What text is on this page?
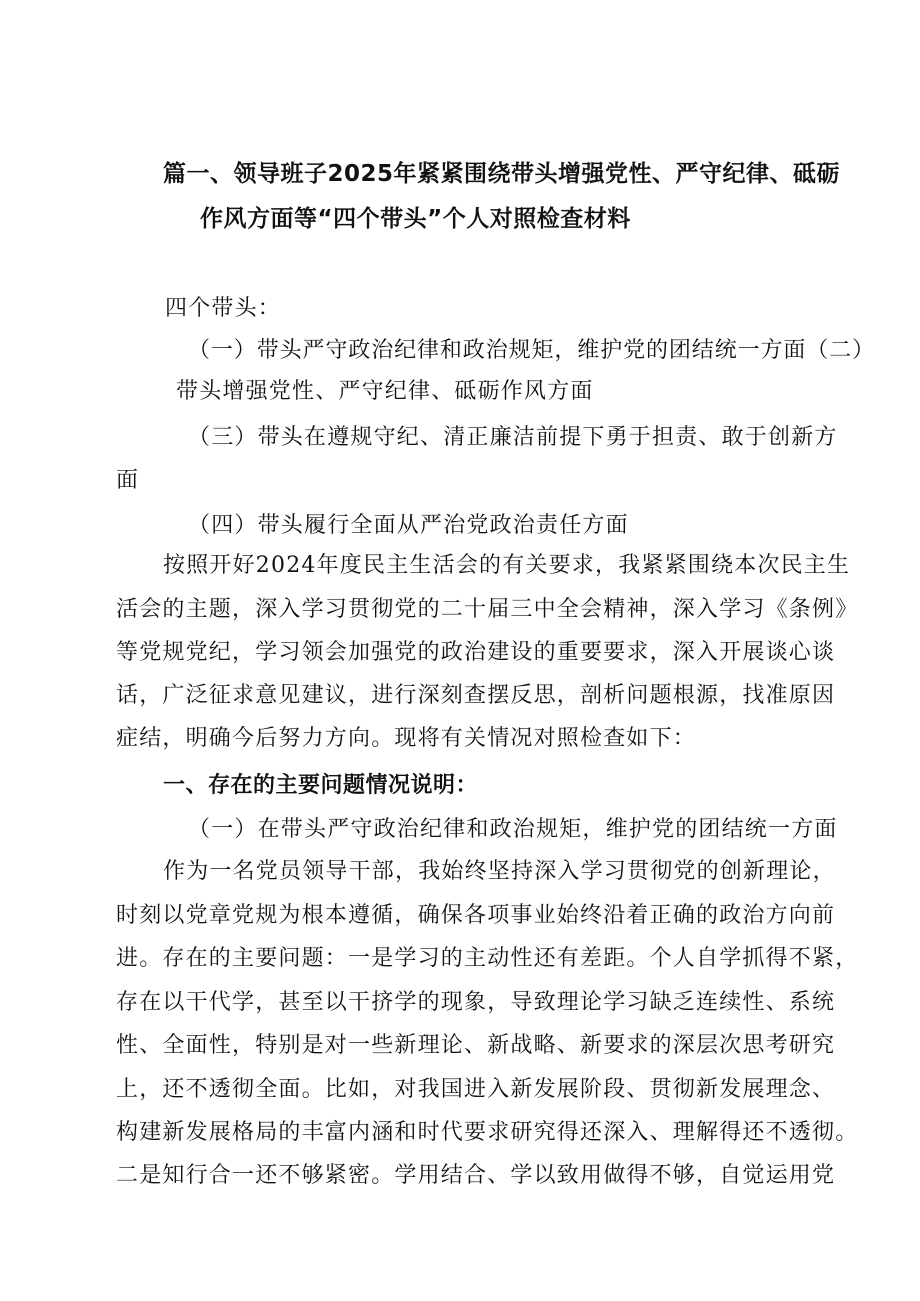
篇一、领导班子2025年紧紧围绕带头增强党性、严守纪律、砥砺
作风方面等“四个带头”个人对照检查材料
四个带头：
（一）带头严守政治纪律和政治规矩，维护党的团结统一方面（二）
带头增强党性、严守纪律、砥砺作风方面
（三）带头在遵规守纪、清正廉洁前提下勇于担责、敢于创新方
面
（四）带头履行全面从严治党政治责任方面
按照开好2024年度民主生活会的有关要求，我紧紧围绕本次民主生
活会的主题，深入学习贯彻党的二十届三中全会精神，深入学习《条例》
等党规党纪，学习领会加强党的政治建设的重要要求，深入开展谈心谈
话，广泛征求意见建议，进行深刻查摆反思，剖析问题根源，找准原因
症结，明确今后努力方向。现将有关情况对照检查如下：
一、存在的主要问题情况说明：
（一）在带头严守政治纪律和政治规矩，维护党的团结统一方面
作为一名党员领导干部，我始终坚持深入学习贯彻党的创新理论，
时刻以党章党规为根本遵循，确保各项事业始终沿着正确的政治方向前
进。存在的主要问题：一是学习的主动性还有差距。个人自学抓得不紧，
存在以干代学，甚至以干挤学的现象，导致理论学习缺乏连续性、系统
性、全面性，特别是对一些新理论、新战略、新要求的深层次思考研究
上，还不透彻全面。比如，对我国进入新发展阶段、贯彻新发展理念、
构建新发展格局的丰富内涵和时代要求研究得还深入、理解得还不透彻。
二是知行合一还不够紧密。学用结合、学以致用做得不够，自觉运用党
